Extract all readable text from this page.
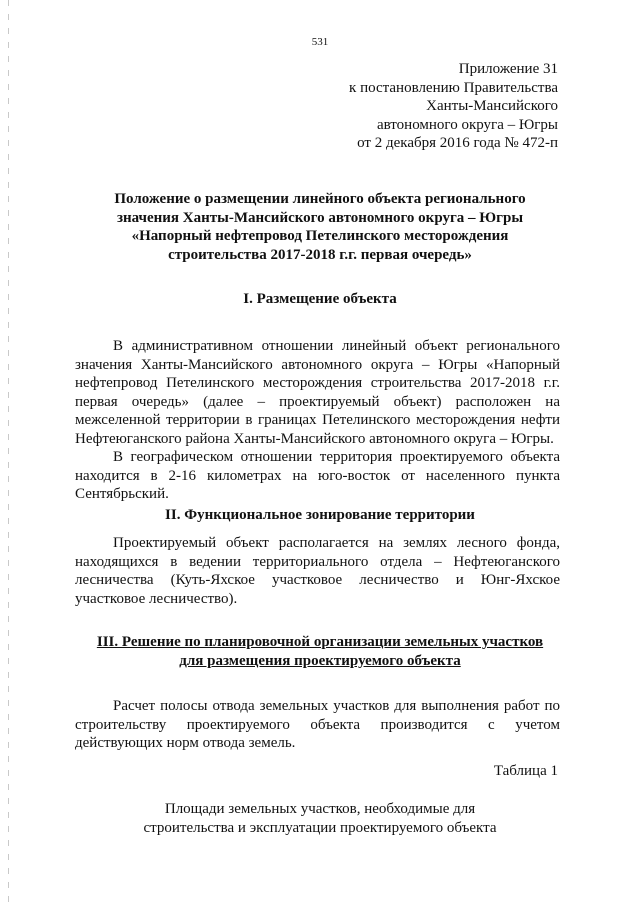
531
Приложение 31
к постановлению Правительства
Ханты-Мансийского
автономного округа – Югры
от 2 декабря 2016 года № 472-п
Положение о размещении линейного объекта регионального
значения Ханты-Мансийского автономного округа – Югры
«Напорный нефтепровод Петелинского месторождения
строительства 2017-2018 г.г. первая очередь»
I. Размещение объекта

В административном отношении линейный объект регионального значения Ханты-Мансийского автономного округа – Югры «Напорный нефтепровод Петелинского месторождения строительства 2017-2018 г.г. первая очередь» (далее – проектируемый объект) расположен на межселенной территории в границах Петелинского месторождения нефти Нефтеюганского района Ханты-Мансийского автономного округа – Югры.

В географическом отношении территория проектируемого объекта находится в 2-16 километрах на юго-восток от населенного пункта Сентябрьский.

II. Функциональное зонирование территории

Проектируемый объект располагается на землях лесного фонда, находящихся в ведении территориального отдела – Нефтеюганского лесничества (Куть-Яхское участковое лесничество и Юнг-Яхское участковое лесничество).

III. Решение по планировочной организации земельных участков
для размещения проектируемого объекта

Расчет полосы отвода земельных участков для выполнения работ по строительству проектируемого объекта производится с учетом действующих норм отвода земель.

Таблица 1
Площади земельных участков, необходимые для
строительства и эксплуатации проектируемого объекта
